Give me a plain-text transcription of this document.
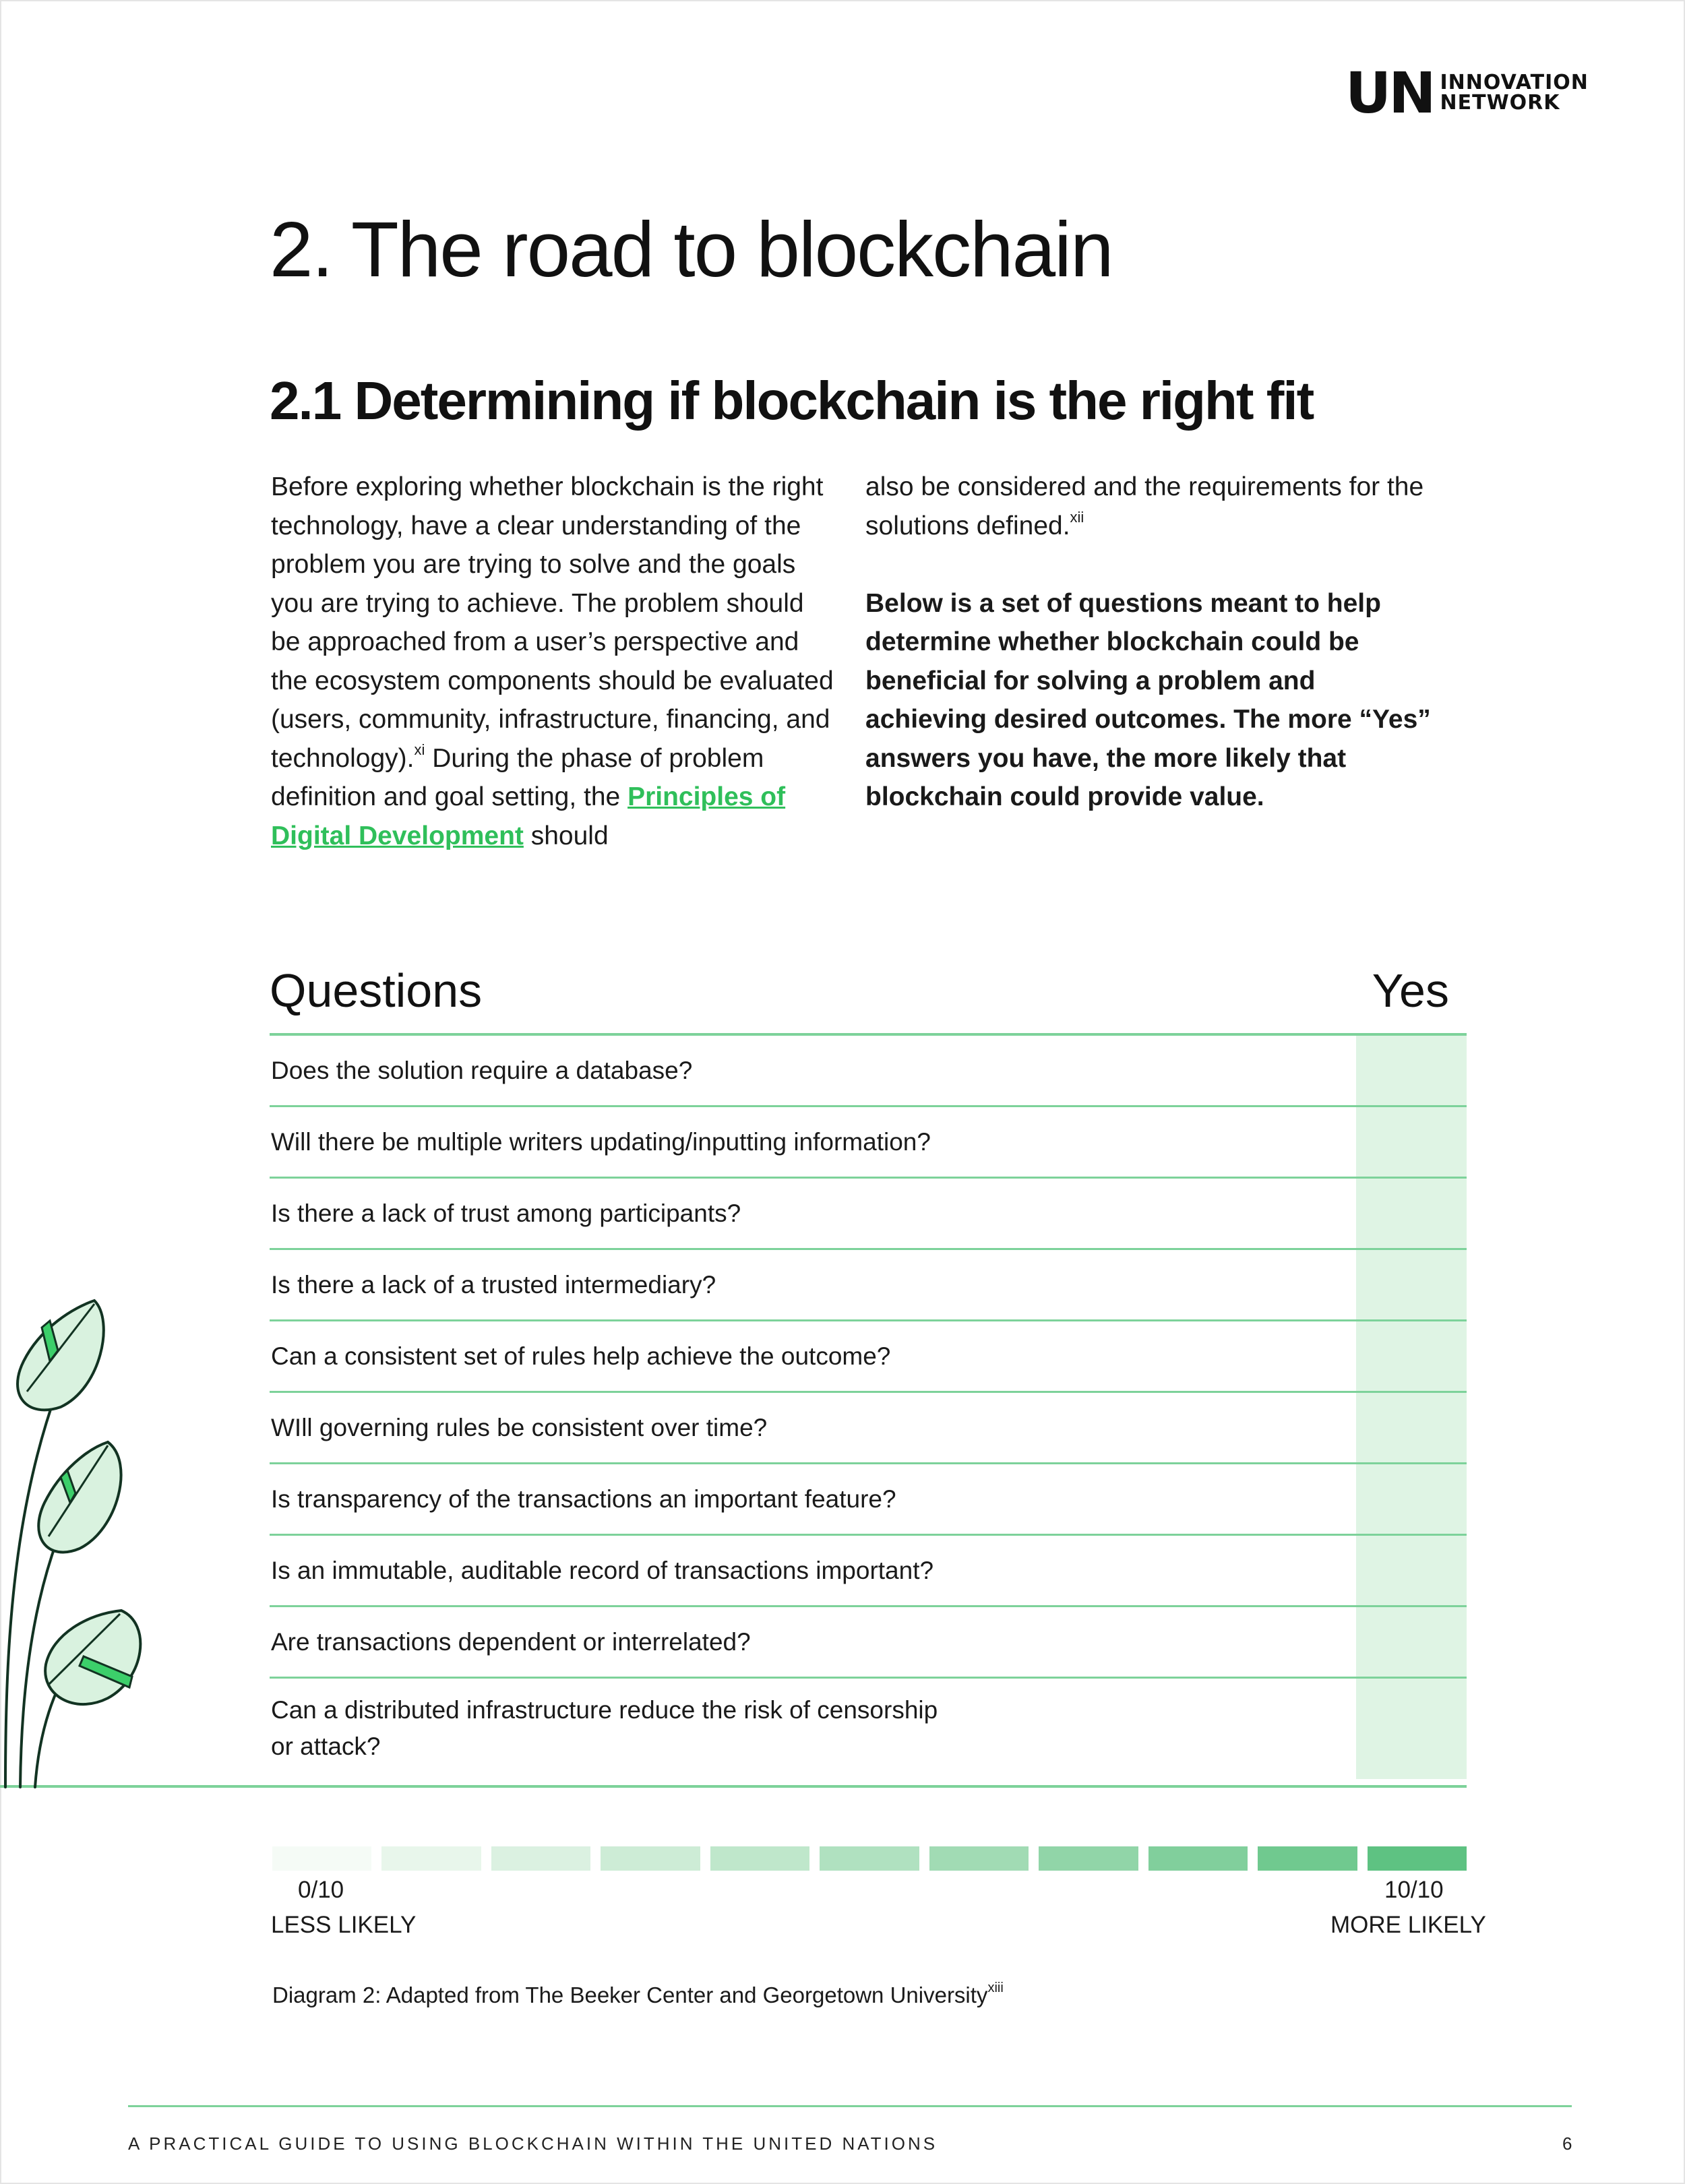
UN INNOVATION
NETWORK
2. The road to blockchain
2.1 Determining if blockchain is the right fit

Before exploring whether blockchain is the right technology, have a clear understanding of the problem you are trying to solve and the goals you are trying to achieve. The problem should be approached from a user’s perspective and the ecosystem components should be evaluated (users, community, infrastructure, financing, and technology).$^{xi}$ During the phase of problem definition and goal setting, the Principles of Digital Development should

also be considered and the requirements for the solutions defined.$^{xii}$

Below is a set of questions meant to help determine whether blockchain could be beneficial for solving a problem and achieving desired outcomes. The more “Yes” answers you have, the more likely that blockchain could provide value.

Questions	Yes
Does the solution require a database?
Will there be multiple writers updating/inputting information?
Is there a lack of trust among participants?
Is there a lack of a trusted intermediary?
Can a consistent set of rules help achieve the outcome?
WIll governing rules be consistent over time?
Is transparency of the transactions an important feature?
Is an immutable, auditable record of transactions important?
Are transactions dependent or interrelated?
Can a distributed infrastructure reduce the risk of censorship or attack?
0/10
LESS LIKELY
10/10
MORE LIKELY
Diagram 2: Adapted from The Beeker Center and Georgetown University$^{xiii}$
A PRACTICAL GUIDE TO USING BLOCKCHAIN WITHIN THE UNITED NATIONS	6
